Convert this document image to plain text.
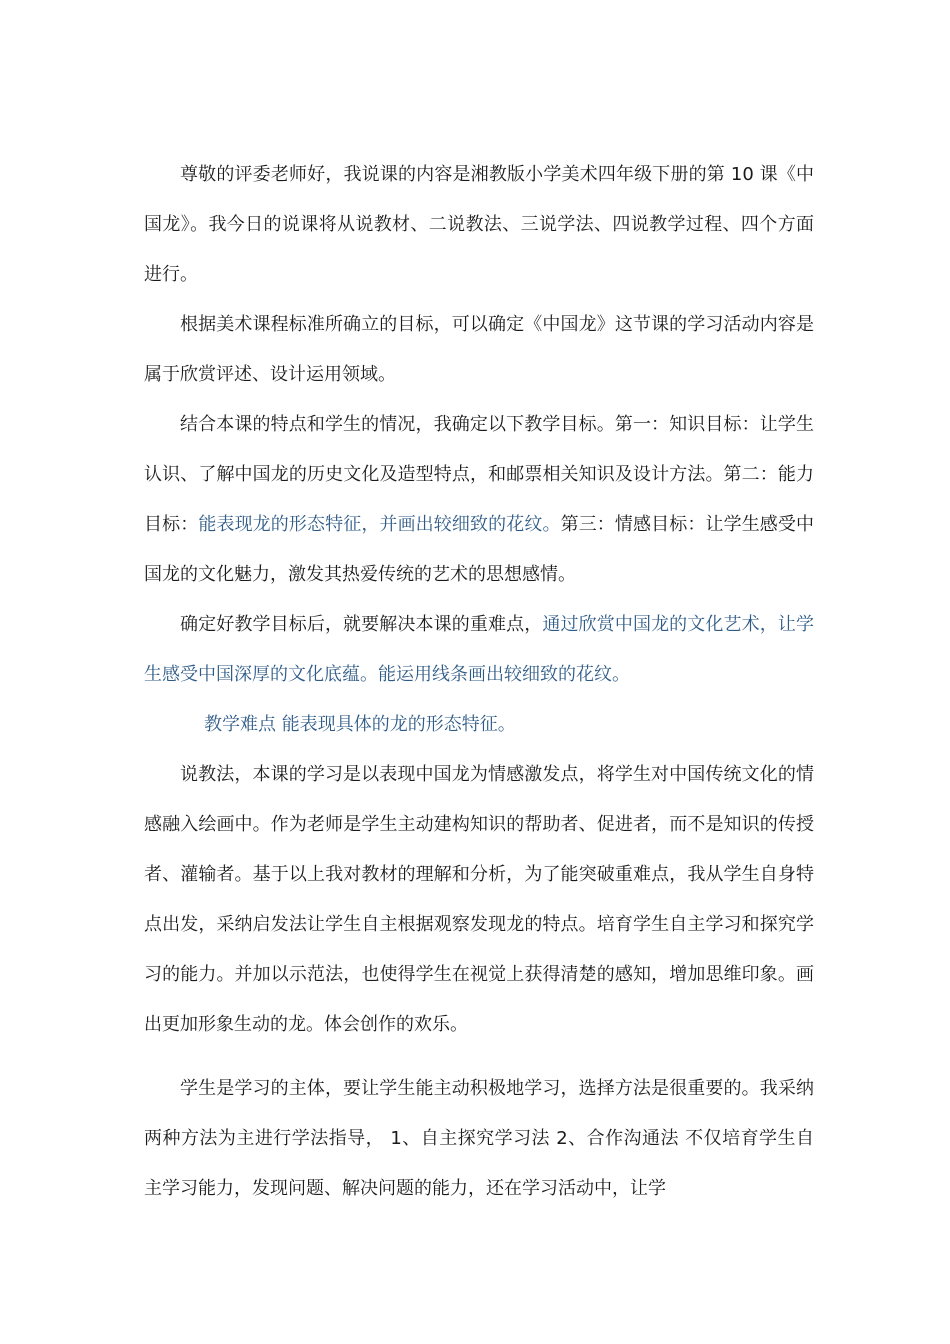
尊敬的评委老师好，我说课的内容是湘教版小学美术四年级下册的第 10 课《中国龙》。我今日的说课将从说教材、二说教法、三说学法、四说教学过程、四个方面进行。

根据美术课程标准所确立的目标，可以确定《中国龙》这节课的学习活动内容是属于欣赏评述、设计运用领域。

结合本课的特点和学生的情况，我确定以下教学目标。第一：知识目标：让学生认识、了解中国龙的历史文化及造型特点，和邮票相关知识及设计方法。第二：能力目标：能表现龙的形态特征，并画出较细致的花纹。第三：情感目标：让学生感受中国龙的文化魅力，激发其热爱传统的艺术的思想感情。

确定好教学目标后，就要解决本课的重难点，通过欣赏中国龙的文化艺术，让学生感受中国深厚的文化底蕴。能运用线条画出较细致的花纹。

教学难点 能表现具体的龙的形态特征。

说教法，本课的学习是以表现中国龙为情感激发点，将学生对中国传统文化的情感融入绘画中。作为老师是学生主动建构知识的帮助者、促进者，而不是知识的传授者、灌输者。基于以上我对教材的理解和分析，为了能突破重难点，我从学生自身特点出发，采纳启发法让学生自主根据观察发现龙的特点。培育学生自主学习和探究学习的能力。并加以示范法，也使得学生在视觉上获得清楚的感知，增加思维印象。画出更加形象生动的龙。体会创作的欢乐。

学生是学习的主体，要让学生能主动积极地学习，选择方法是很重要的。我采纳两种方法为主进行学法指导， 1、自主探究学习法 2、合作沟通法 不仅培育学生自主学习能力，发现问题、解决问题的能力，还在学习活动中，让学
